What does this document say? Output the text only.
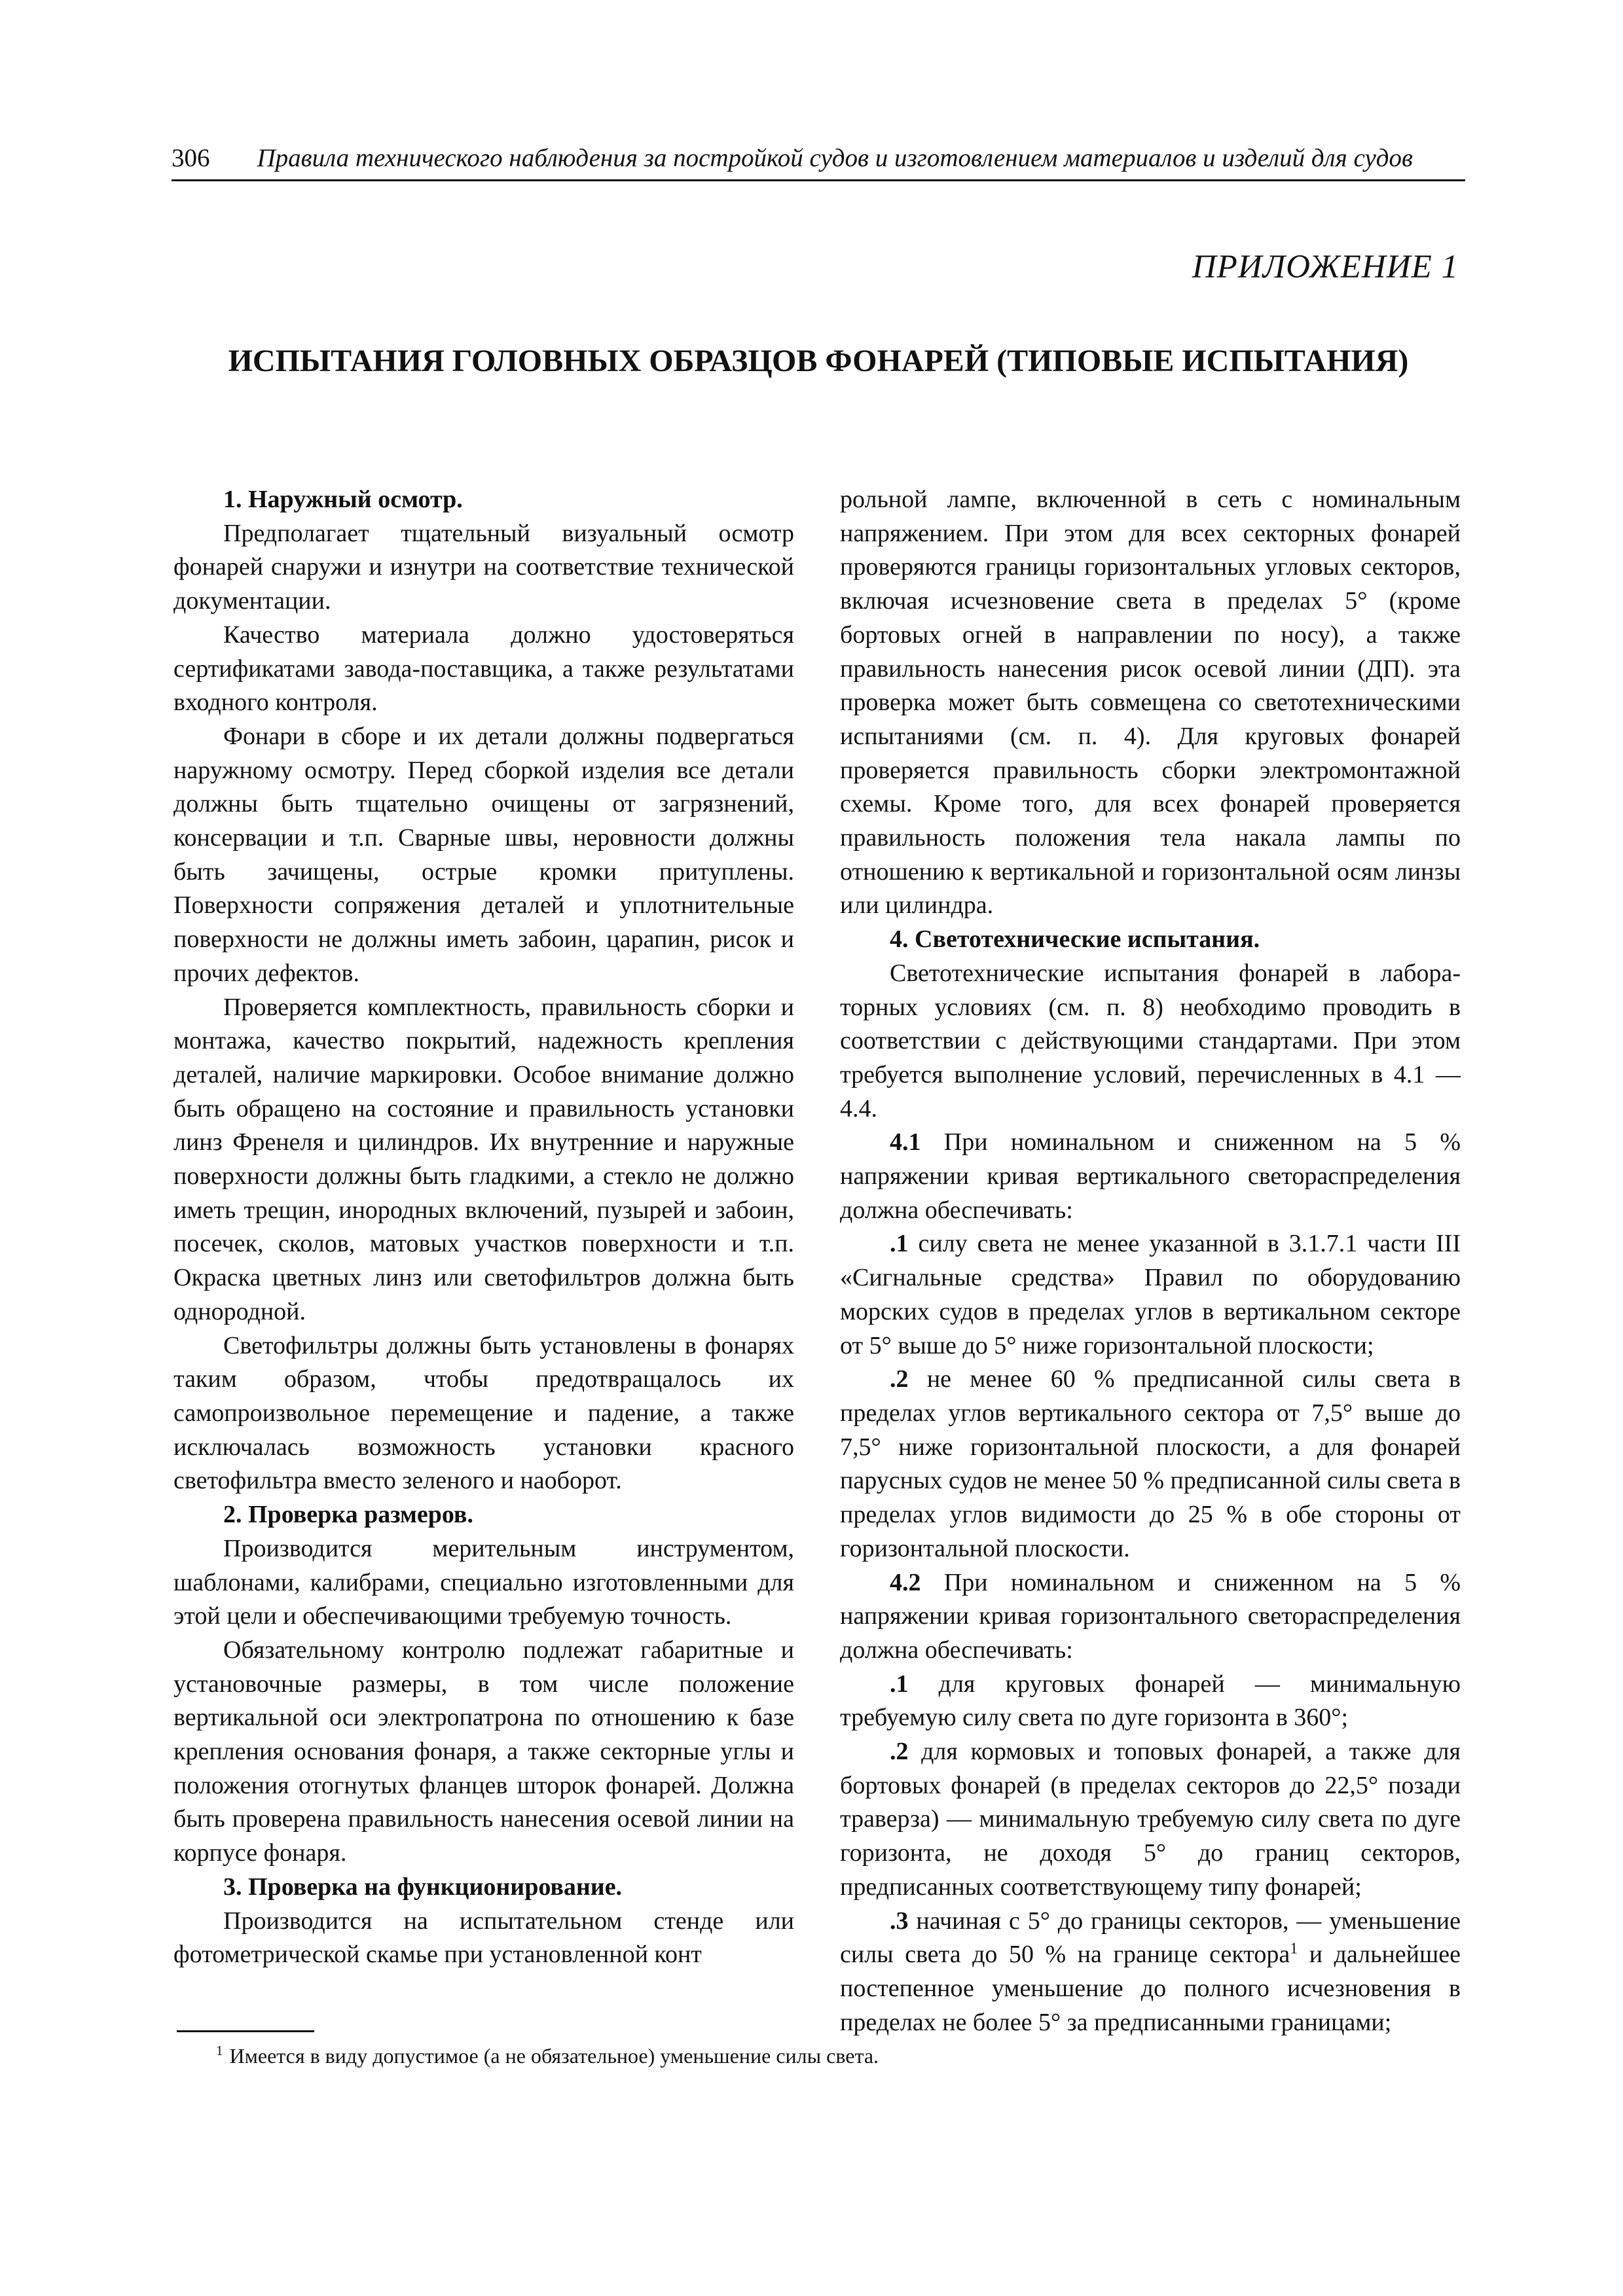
306 Правила технического наблюдения за постройкой судов и изготовлением материалов и изделий для судов
ПРИЛОЖЕНИЕ 1
ИСПЫТАНИЯ ГОЛОВНЫХ ОБРАЗЦОВ ФОНАРЕЙ (ТИПОВЫЕ ИСПЫТАНИЯ)
1. Наружный осмотр.

Предполагает тщательный визуальный осмотр фонарей снаружи и изнутри на соответствие технической документации.

Качество материала должно удостоверяться сертификатами завода-поставщика, а также результатами входного контроля.

Фонари в сборе и их детали должны подвергаться наружному осмотру. Перед сборкой изделия все детали должны быть тщательно очищены от загрязнений, консервации и т.п. Сварные швы, неровности должны быть зачищены, острые кромки притуплены. Поверхности сопряжения деталей и уплотнительные поверхности не должны иметь забоин, царапин, рисок и прочих дефектов.

Проверяется комплектность, правильность сборки и монтажа, качество покрытий, надежность крепления деталей, наличие маркировки. Особое внимание должно быть обращено на состояние и правильность установки линз Френеля и цилиндров. Их внутренние и наружные поверхности должны быть гладкими, а стекло не должно иметь трещин, инородных включений, пузырей и забоин, посечек, сколов, матовых участков поверхности и т.п. Окраска цветных линз или светофильтров должна быть однородной.

Светофильтры должны быть установлены в фонарях таким образом, чтобы предотвращалось их самопроизвольное перемещение и падение, а также исключалась возможность установки красного светофильтра вместо зеленого и наоборот.

2. Проверка размеров.

Производится мерительным инструментом, шаблонами, калибрами, специально изготовленными для этой цели и обеспечивающими требуемую точность.

Обязательному контролю подлежат габаритные и установочные размеры, в том числе положение вертикальной оси электропатрона по отношению к базе крепления основания фонаря, а также секторные углы и положения отогнутых фланцев шторок фонарей. Должна быть проверена правильность нанесения осевой линии на корпусе фонаря.

3. Проверка на функционирование.

Производится на испытательном стенде или фотометрической скамье при установленной конт

рольной лампе, включенной в сеть с номинальным напряжением. При этом для всех секторных фонарей проверяются границы горизонтальных угловых секторов, включая исчезновение света в пределах 5° (кроме бортовых огней в направлении по носу), а также правильность нанесения рисок осевой линии (ДП). эта проверка может быть совмещена со светотехническими испытаниями (см. п. 4). Для круговых фонарей проверяется правильность сборки электромонтажной схемы. Кроме того, для всех фонарей проверяется правильность положения тела накала лампы по отношению к вертикальной и горизонтальной осям линзы или цилиндра.

4. Светотехнические испытания.

Светотехнические испытания фонарей в лабораторных условиях (см. п. 8) необходимо проводить в соответствии с действующими стандартами. При этом требуется выполнение условий, перечисленных в 4.1 — 4.4.

4.1 При номинальном и сниженном на 5 % напряжении кривая вертикального светораспределения должна обеспечивать:

.1 силу света не менее указанной в 3.1.7.1 части III «Сигнальные средства» Правил по оборудованию морских судов в пределах углов в вертикальном секторе от 5° выше до 5° ниже горизонтальной плоскости;

.2 не менее 60 % предписанной силы света в пределах углов вертикального сектора от 7,5° выше до 7,5° ниже горизонтальной плоскости, а для фонарей парусных судов не менее 50 % предписанной силы света в пределах углов видимости до 25 % в обе стороны от горизонтальной плоскости.

4.2 При номинальном и сниженном на 5 % напряжении кривая горизонтального светораспределения должна обеспечивать:

.1 для круговых фонарей — минимальную требуемую силу света по дуге горизонта в 360°;

.2 для кормовых и топовых фонарей, а также для бортовых фонарей (в пределах секторов до 22,5° позади траверза) — минимальную требуемую силу света по дуге горизонта, не доходя 5° до границ секторов, предписанных соответствующему типу фонарей;

.3 начиная с 5° до границы секторов, — уменьшение силы света до 50 % на границе сектора$^1$ и дальнейшее постепенное уменьшение до полного исчезновения в пределах не более 5° за предписанными границами;

$^1$ Имеется в виду допустимое (а не обязательное) уменьшение силы света.
